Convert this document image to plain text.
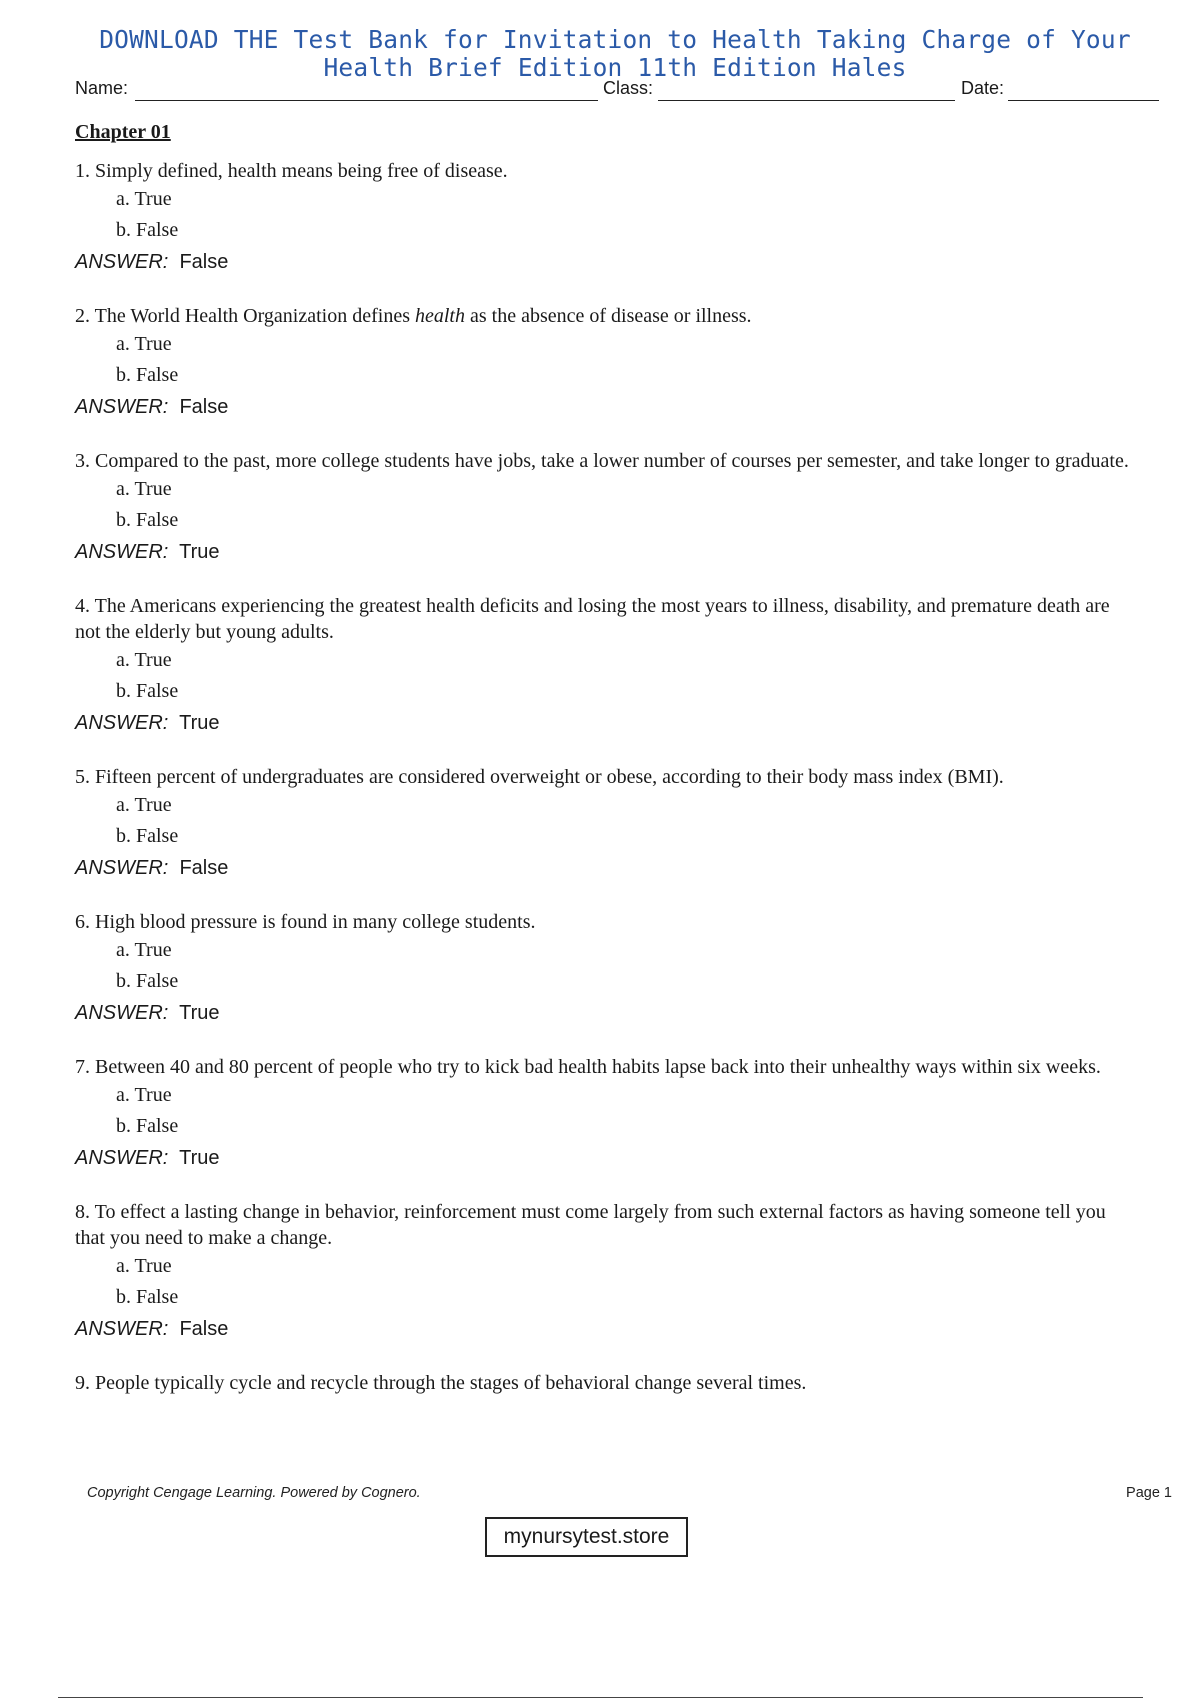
DOWNLOAD THE Test Bank for Invitation to Health Taking Charge of Your
Health Brief Edition 11th Edition Hales
Name:	Class:	Date:
Chapter 01
1. Simply defined, health means being free of disease.
a. True
b. False
ANSWER: False
2. The World Health Organization defines health as the absence of disease or illness.
a. True
b. False
ANSWER: False
3. Compared to the past, more college students have jobs, take a lower number of courses per semester, and take longer to graduate.
a. True
b. False
ANSWER: True
4. The Americans experiencing the greatest health deficits and losing the most years to illness, disability, and premature death are not the elderly but young adults.
a. True
b. False
ANSWER: True
5. Fifteen percent of undergraduates are considered overweight or obese, according to their body mass index (BMI).
a. True
b. False
ANSWER: False
6. High blood pressure is found in many college students.
a. True
b. False
ANSWER: True
7. Between 40 and 80 percent of people who try to kick bad health habits lapse back into their unhealthy ways within six weeks.
a. True
b. False
ANSWER: True
8. To effect a lasting change in behavior, reinforcement must come largely from such external factors as having someone tell you that you need to make a change.
a. True
b. False
ANSWER: False
9. People typically cycle and recycle through the stages of behavioral change several times.
Copyright Cengage Learning. Powered by Cognero.	Page 1
mynursytest.store
